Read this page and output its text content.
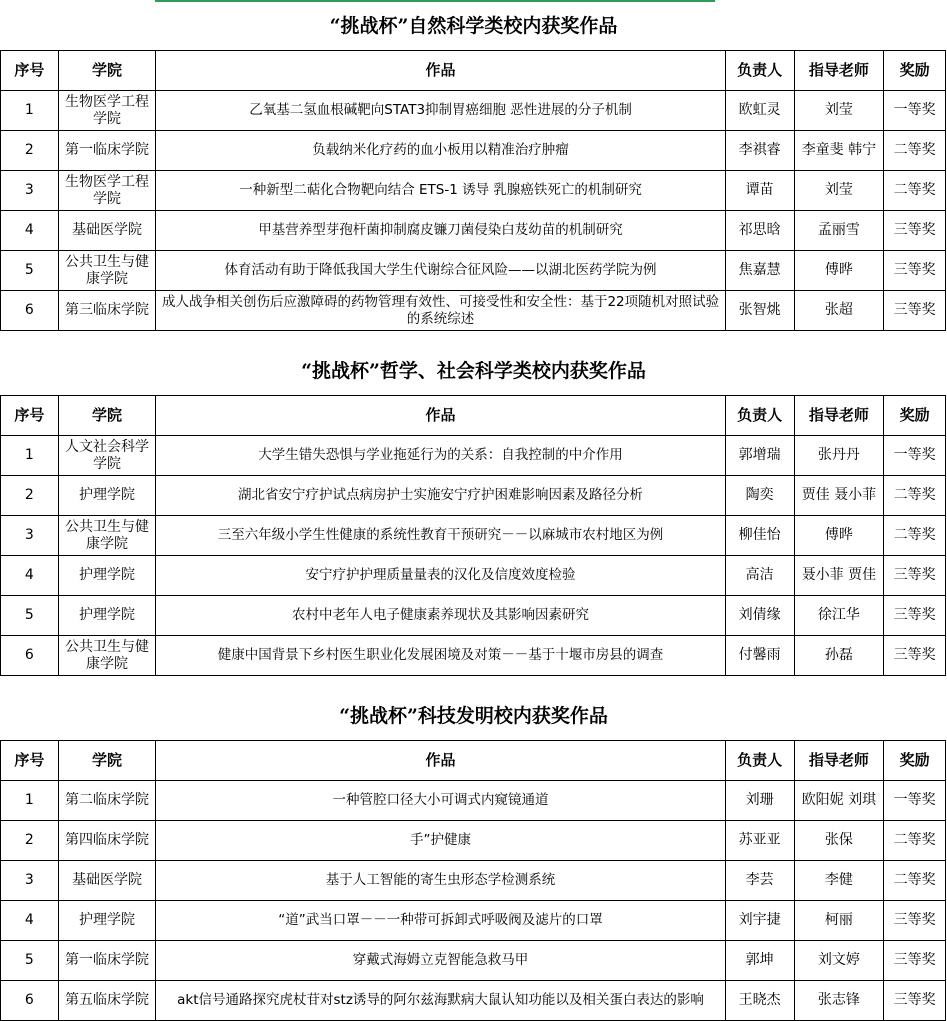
“挑战杯”自然科学类校内获奖作品
序号	学院	作品	负责人	指导老师	奖励
1	生物医学工程学院	乙氧基二氢血根碱靶向STAT3抑制胃癌细胞 恶性进展的分子机制	欧虹灵	刘莹	一等奖
2	第一临床学院	负载纳米化疗药的血小板用以精准治疗肿瘤	李祺睿	李童斐 韩宁	二等奖
3	生物医学工程学院	一种新型二萜化合物靶向结合 ETS-1 诱导 乳腺癌铁死亡的机制研究	谭苗	刘莹	二等奖
4	基础医学院	甲基营养型芽孢杆菌抑制腐皮镰刀菌侵染白芨幼苗的机制研究	祁思晗	孟丽雪	三等奖
5	公共卫生与健康学院	体育活动有助于降低我国大学生代谢综合征风险——以湖北医药学院为例	焦嘉慧	傅晔	三等奖
6	第三临床学院	成人战争相关创伤后应激障碍的药物管理有效性、可接受性和安全性：基于22项随机对照试验的系统综述	张智烑	张超	三等奖
“挑战杯”哲学、社会科学类校内获奖作品
序号	学院	作品	负责人	指导老师	奖励
1	人文社会科学学院	大学生错失恐惧与学业拖延行为的关系：自我控制的中介作用	郭增瑞	张丹丹	一等奖
2	护理学院	湖北省安宁疗护试点病房护士实施安宁疗护困难影响因素及路径分析	陶奕	贾佳 聂小菲	二等奖
3	公共卫生与健康学院	三至六年级小学生性健康的系统性教育干预研究－－以麻城市农村地区为例	柳佳怡	傅晔	二等奖
4	护理学院	安宁疗护护理质量量表的汉化及信度效度检验	高洁	聂小菲 贾佳	三等奖
5	护理学院	农村中老年人电子健康素养现状及其影响因素研究	刘倩缘	徐江华	三等奖
6	公共卫生与健康学院	健康中国背景下乡村医生职业化发展困境及对策－－基于十堰市房县的调查	付馨雨	孙磊	三等奖
“挑战杯”科技发明校内获奖作品
序号	学院	作品	负责人	指导老师	奖励
1	第二临床学院	一种管腔口径大小可调式内窥镜通道	刘珊	欧阳妮 刘琪	一等奖
2	第四临床学院	手”护健康	苏亚亚	张保	二等奖
3	基础医学院	基于人工智能的寄生虫形态学检测系统	李芸	李健	二等奖
4	护理学院	“道”武当口罩－－一种带可拆卸式呼吸阀及滤片的口罩	刘宇捷	柯丽	三等奖
5	第一临床学院	穿戴式海姆立克智能急救马甲	郭坤	刘文婷	三等奖
6	第五临床学院	akt信号通路探究虎杖苷对stz诱导的阿尔兹海默病大鼠认知功能以及相关蛋白表达的影响	王晓杰	张志锋	三等奖
